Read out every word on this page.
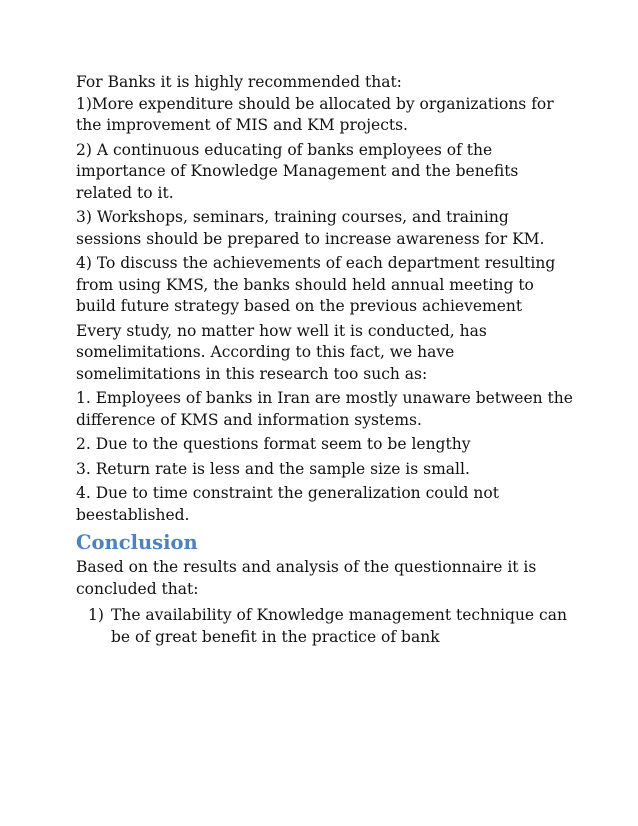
For Banks it is highly recommended that:

1)More expenditure should be allocated by organizations for the improvement of MIS and KM projects.

2) A continuous educating of banks employees of the importance of Knowledge Management and the benefits related to it.

3) Workshops, seminars, training courses, and training sessions should be prepared to increase awareness for KM.

4) To discuss the achievements of each department resulting from using KMS, the banks should held annual meeting to build future strategy based on the previous achievement

Every study, no matter how well it is conducted, has somelimitations. According to this fact, we have somelimitations in this research too such as:

1. Employees of banks in Iran are mostly unaware between the difference of KMS and information systems.

2. Due to the questions format seem to be lengthy

3. Return rate is less and the sample size is small.

4. Due to time constraint the generalization could not beestablished.

Conclusion

Based on the results and analysis of the questionnaire it is concluded that:

1) The availability of Knowledge management technique can be of great benefit in the practice of bank
